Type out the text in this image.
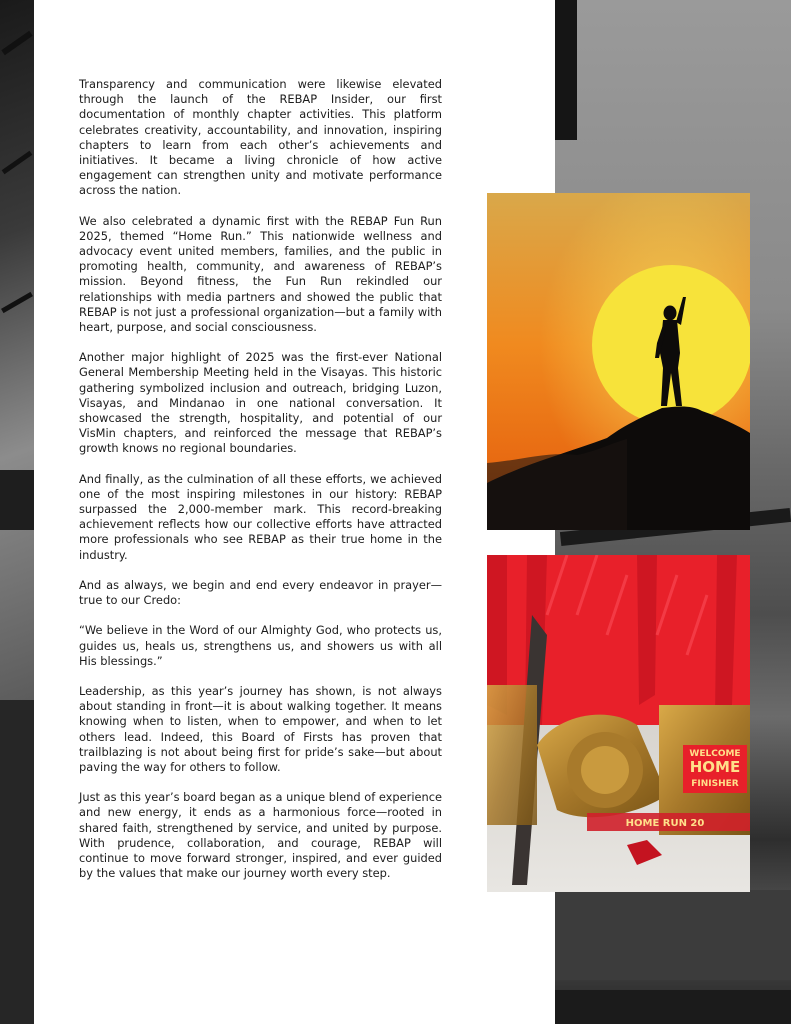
Transparency and communication were likewise elevated through the launch of the REBAP Insider, our first documentation of monthly chapter activities. This platform celebrates creativity, accountability, and innovation, inspiring chapters to learn from each other’s achievements and initiatives. It became a living chronicle of how active engagement can strengthen unity and motivate performance across the nation.

We also celebrated a dynamic first with the REBAP Fun Run 2025, themed “Home Run.” This nationwide wellness and advocacy event united members, families, and the public in promoting health, community, and awareness of REBAP’s mission. Beyond fitness, the Fun Run rekindled our relationships with media partners and showed the public that REBAP is not just a professional organization—but a family with heart, purpose, and social consciousness.

Another major highlight of 2025 was the first-ever National General Membership Meeting held in the Visayas. This historic gathering symbolized inclusion and outreach, bridging Luzon, Visayas, and Mindanao in one national conversation. It showcased the strength, hospitality, and potential of our VisMin chapters, and reinforced the message that REBAP’s growth knows no regional boundaries.

And finally, as the culmination of all these efforts, we achieved one of the most inspiring milestones in our history: REBAP surpassed the 2,000-member mark. This record-breaking achievement reflects how our collective efforts have attracted more professionals who see REBAP as their true home in the industry.

And as always, we begin and end every endeavor in prayer—true to our Credo:

“We believe in the Word of our Almighty God, who protects us, guides us, heals us, strengthens us, and showers us with all His blessings.”

Leadership, as this year’s journey has shown, is not always about standing in front—it is about walking together. It means knowing when to listen, when to empower, and when to let others lead. Indeed, this Board of Firsts has proven that trailblazing is not about being first for pride’s sake—but about paving the way for others to follow.

Just as this year’s board began as a unique blend of experience and new energy, it ends as a harmonious force—rooted in shared faith, strengthened by service, and united by purpose. With prudence, collaboration, and courage, REBAP will continue to move forward stronger, inspired, and ever guided by the values that make our journey worth every step.

WELCOME
HOME
FINISHER
HOME RUN 20
